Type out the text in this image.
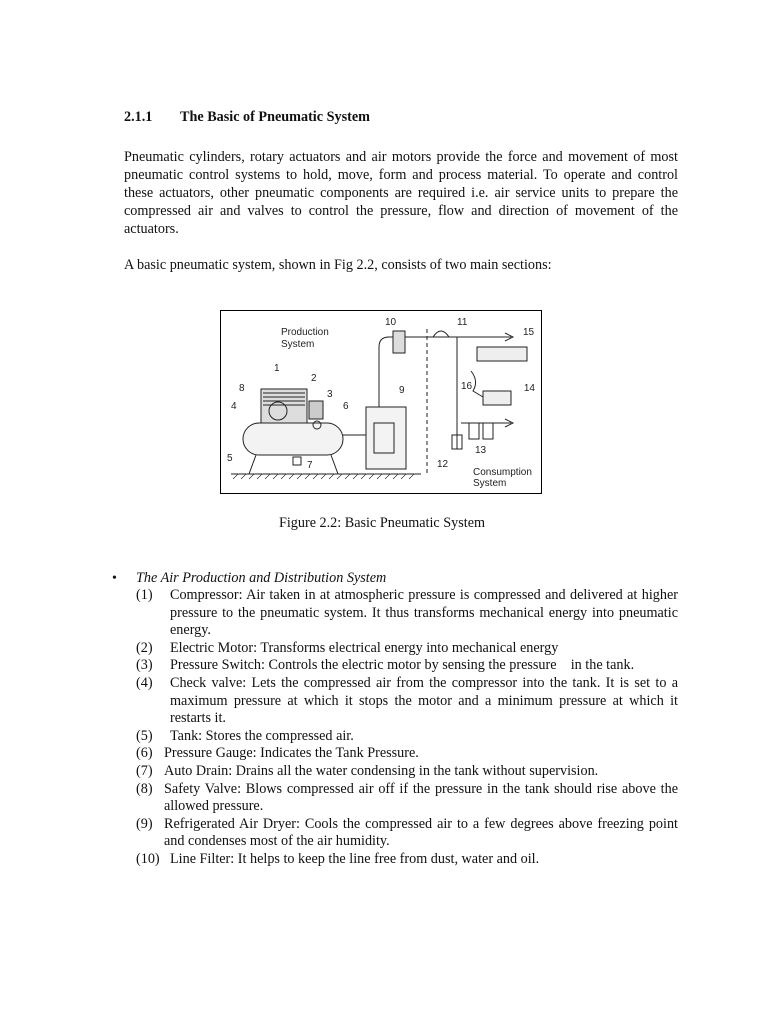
2.1.1 The Basic of Pneumatic System

Pneumatic cylinders, rotary actuators and air motors provide the force and movement of most pneumatic control systems to hold, move, form and process material. To operate and control these actuators, other pneumatic components are required i.e. air service units to prepare the compressed air and valves to control the pressure, flow and direction of movement of the actuators.

A basic pneumatic system, shown in Fig 2.2, consists of two main sections:

Production
System
Consumption
System
1
2
3
4
5
6
7
8	9
10	11
12
13
14
15
16
Figure 2.2: Basic Pneumatic System
• The Air Production and Distribution System
(1)	Compressor: Air taken in at atmospheric pressure is compressed and delivered at higher pressure to the pneumatic system. It thus transforms mechanical energy into pneumatic energy.
(2)	Electric Motor: Transforms electrical energy into mechanical energy
(3)	Pressure Switch: Controls the electric motor by sensing the pressure    in the tank.
(4)	Check valve: Lets the compressed air from the compressor into the tank. It is set to a maximum pressure at which it stops the motor and a minimum pressure at which it restarts it.
(5)	Tank: Stores the compressed air.
(6) Pressure Gauge: Indicates the Tank Pressure.
(7) Auto Drain: Drains all the water condensing in the tank without supervision.
(8) Safety Valve: Blows compressed air off if the pressure in the tank should rise above the allowed pressure.
(9) Refrigerated Air Dryer: Cools the compressed air to a few degrees above freezing point and condenses most of the air humidity.
(10) Line Filter: It helps to keep the line free from dust, water and oil.
